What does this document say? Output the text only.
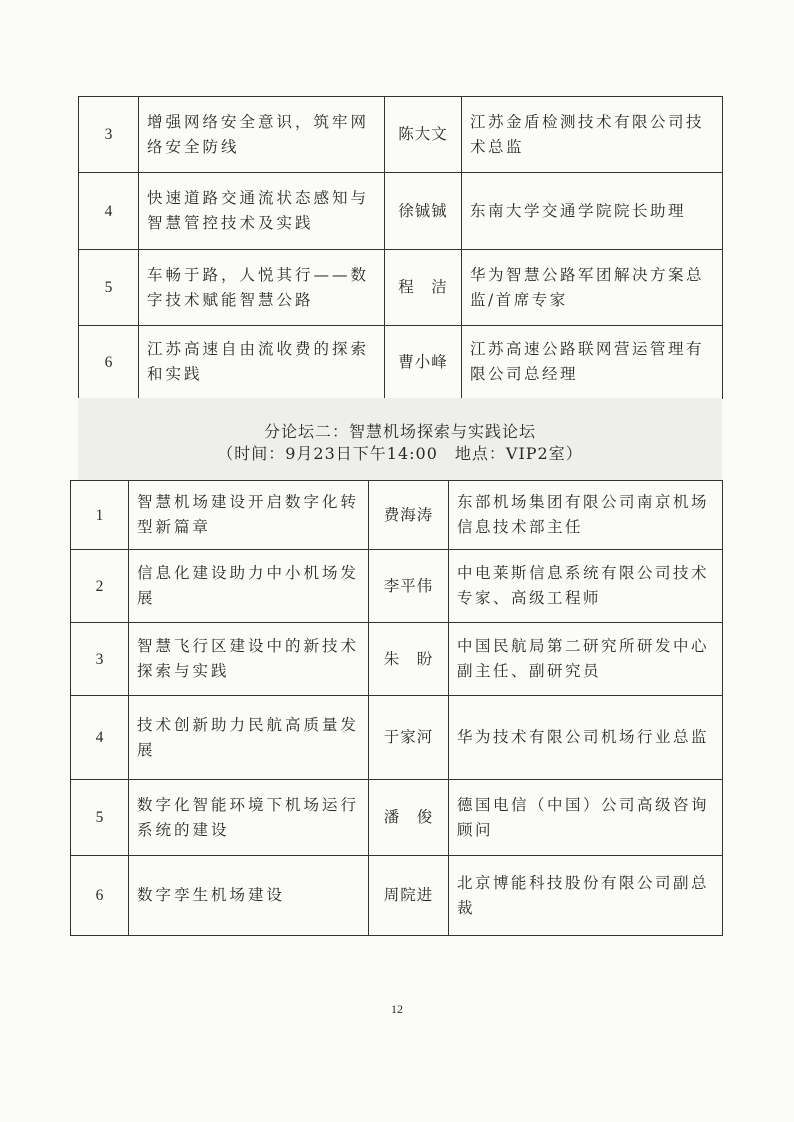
3	增强网络安全意识，筑牢网络安全防线	陈大文	江苏金盾检测技术有限公司技术总监
4	快速道路交通流状态感知与智慧管控技术及实践	徐铖铖	东南大学交通学院院长助理
5	车畅于路，人悦其行——数字技术赋能智慧公路	程　洁	华为智慧公路军团解决方案总监/首席专家
6	江苏高速自由流收费的探索和实践	曹小峰	江苏高速公路联网营运管理有限公司总经理
分论坛二：智慧机场探索与实践论坛
（时间：9月23日下午14:00　地点：VIP2室）
1	智慧机场建设开启数字化转型新篇章	费海涛	东部机场集团有限公司南京机场信息技术部主任
2	信息化建设助力中小机场发展	李平伟	中电莱斯信息系统有限公司技术专家、高级工程师
3	智慧飞行区建设中的新技术探索与实践	朱　盼	中国民航局第二研究所研发中心副主任、副研究员
4	技术创新助力民航高质量发展	于家河	华为技术有限公司机场行业总监
5	数字化智能环境下机场运行系统的建设	潘　俊	德国电信（中国）公司高级咨询顾问
6	数字孪生机场建设	周院进	北京博能科技股份有限公司副总裁
12
